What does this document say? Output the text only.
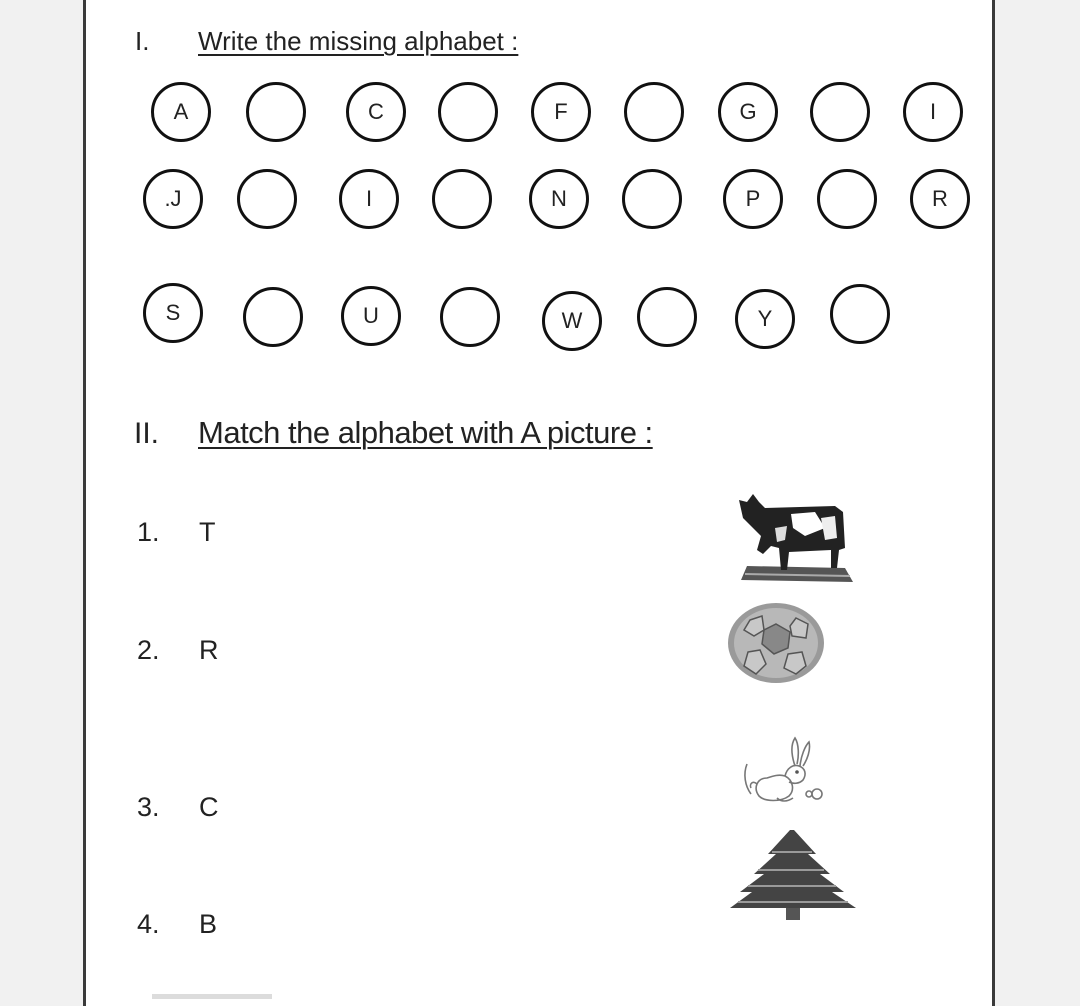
I. Write the missing alphabet :
A	C	F	G	I
.J	I	N	P	R
S	U	W	Y
II. Match the alphabet with A picture :
1. T
2. R
3. C
4. B
